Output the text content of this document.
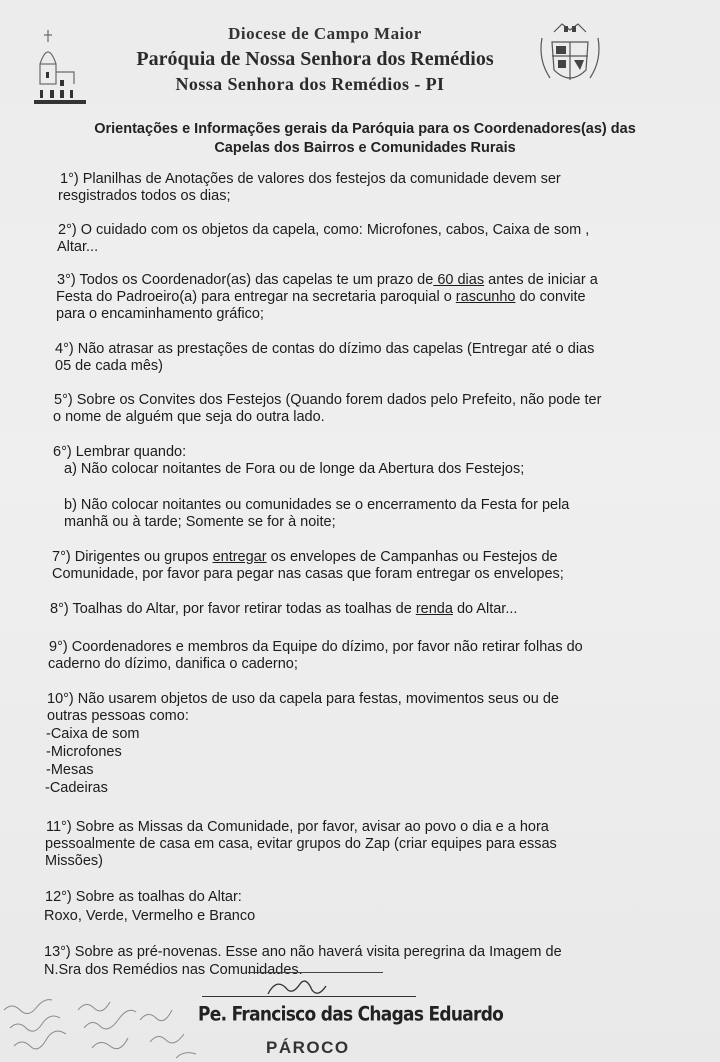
Diocese de Campo Maior
Paróquia de Nossa Senhora dos Remédios
Nossa Senhora dos Remédios - PI
Orientações e Informações gerais da Paróquia para os Coordenadores(as) das
Capelas dos Bairros e Comunidades Rurais
1°) Planilhas de Anotações de valores dos festejos da comunidade devem ser
resgistrados todos os dias;
2°) O cuidado com os objetos da capela, como: Microfones, cabos, Caixa de som ,
Altar...
3°) Todos os Coordenador(as) das capelas te um prazo de 60 dias antes de iniciar a
Festa do Padroeiro(a) para entregar na secretaria paroquial o rascunho do convite
para o encaminhamento gráfico;
4°) Não atrasar as prestações de contas do dízimo das capelas (Entregar até o dias
05 de cada mês)
5°) Sobre os Convites dos Festejos (Quando forem dados pelo Prefeito, não pode ter
o nome de alguém que seja do outra lado.
6°) Lembrar quando:
a) Não colocar noitantes de Fora ou de longe da Abertura dos Festejos;
b) Não colocar noitantes ou comunidades se o encerramento da Festa for pela
manhã ou à tarde; Somente se for à noite;
7°) Dirigentes ou grupos entregar os envelopes de Campanhas ou Festejos de
Comunidade, por favor para pegar nas casas que foram entregar os envelopes;
8°) Toalhas do Altar, por favor retirar todas as toalhas de renda do Altar...
9°) Coordenadores e membros da Equipe do dízimo, por favor não retirar folhas do
caderno do dízimo, danifica o caderno;
10°) Não usarem objetos de uso da capela para festas, movimentos seus ou de
outras pessoas como:
-Caixa de som
-Microfones
-Mesas
-Cadeiras
11°) Sobre as Missas da Comunidade, por favor, avisar ao povo o dia e a hora
pessoalmente de casa em casa, evitar grupos do Zap (criar equipes para essas
Missões)
12°) Sobre as toalhas do Altar:
Roxo, Verde, Vermelho e Branco
13°) Sobre as pré-novenas. Esse ano não haverá visita peregrina da Imagem de
N.Sra dos Remédios nas Comunidades.
Pe. Francisco das Chagas Eduardo
PÁROCO
